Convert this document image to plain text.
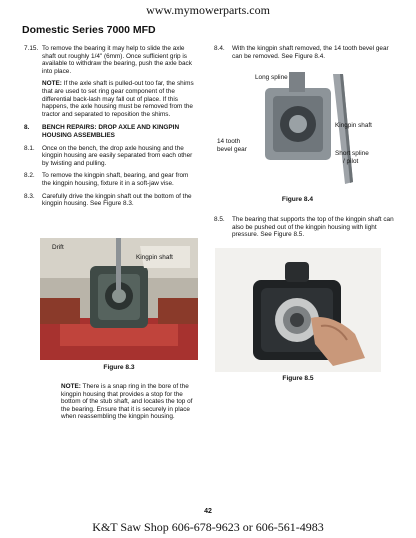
www.mymowerparts.com
Domestic Series 7000 MFD
7.15. To remove the bearing it may help to slide the axle shaft out roughly 1/4" (6mm). Once sufficient grip is available to withdraw the bearing, push the axle back into place.
NOTE: If the axle shaft is pulled-out too far, the shims that are used to set ring gear component of the differential back-lash may fall out of place. If this happens, the axle housing must be removed from the tractor and separated to reposition the shims.
8.	BENCH REPAIRS: DROP AXLE AND KINGPIN HOUSING ASSEMBLIES
8.1.	Once on the bench, the drop axle housing and the kingpin housing are easily separated from each other by twisting and pulling.
8.2.	To remove the kingpin shaft, bearing, and gear from the kingpin housing, fixture it in a soft-jaw vise.
8.3.	Carefully drive the kingpin shaft out the bottom of the kingpin housing. See Figure 8.3.
Drift
Kingpin shaft
Figure 8.3
NOTE: There is a snap ring in the bore of the kingpin housing that provides a stop for the bottom of the stub shaft, and locates the top of the bearing. Ensure that it is securely in place when reassembling the kingpin housing.
8.4.	With the kingpin shaft removed, the 14 tooth bevel gear can be removed. See Figure 8.4.
Long spline
Kingpin shaft
14 tooth
bevel gear
Short spline
/ pilot
Figure 8.4
8.5.	The bearing that supports the top of the kingpin shaft can also be pushed out of the kingpin housing with light pressure. See Figure 8.5.
Figure 8.5
42
K&T Saw Shop 606-678-9623 or 606-561-4983
